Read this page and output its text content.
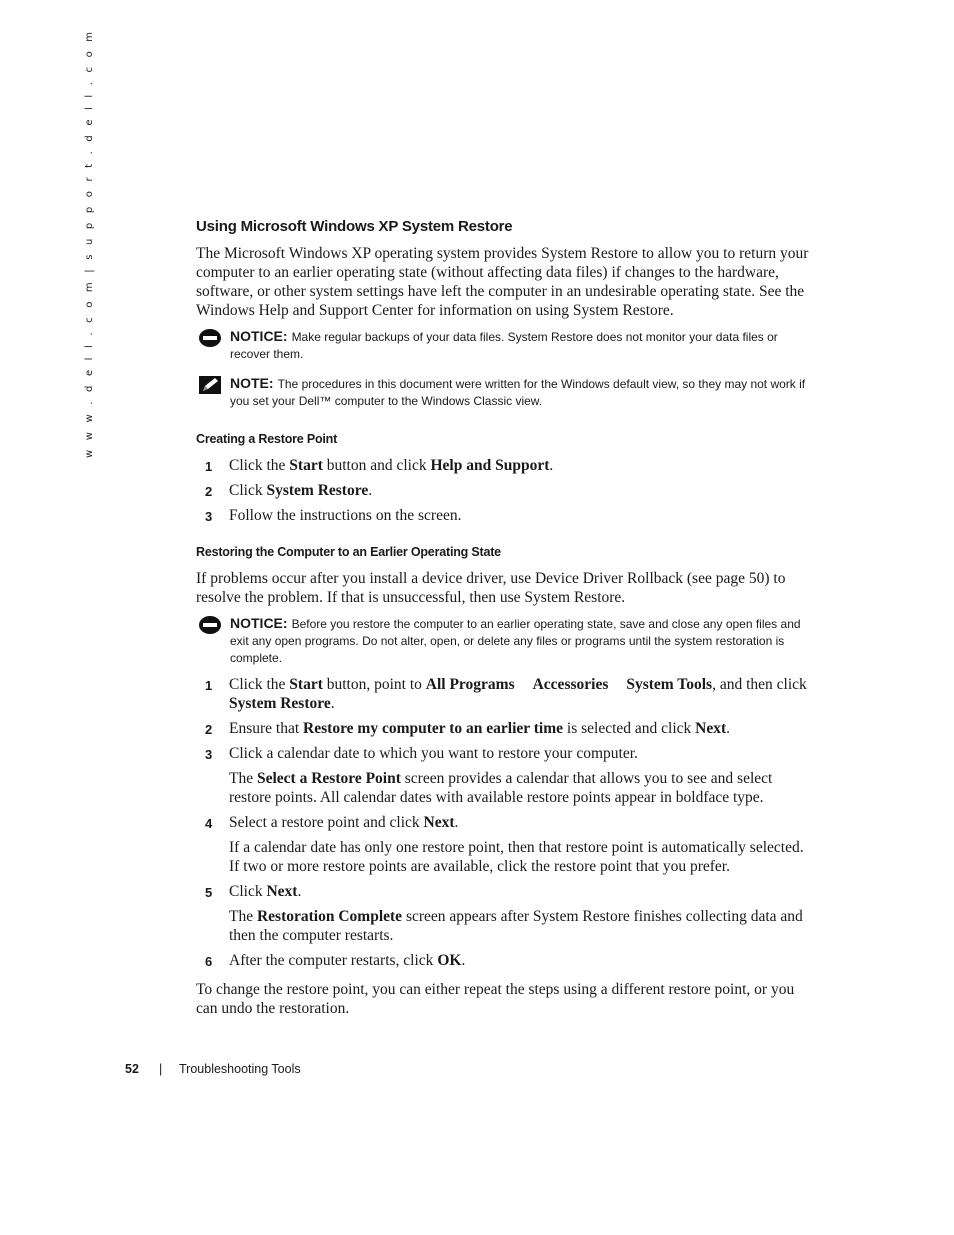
w w w . d e l l . c o m | s u p p o r t . d e l l . c o m	Using Microsoft Windows XP System Restore

The Microsoft Windows XP operating system provides System Restore to allow you to return your computer to an earlier operating state (without affecting data files) if changes to the hardware, software, or other system settings have left the computer in an undesirable operating state. See the Windows Help and Support Center for information on using System Restore.

NOTICE: Make regular backups of your data files. System Restore does not monitor your data files or recover them.
NOTE: The procedures in this document were written for the Windows default view, so they may not work if you set your Dell™ computer to the Windows Classic view.
Creating a Restore Point
1 Click the Start button and click Help and Support.
2 Click System Restore.
3 Follow the instructions on the screen.
Restoring the Computer to an Earlier Operating State

If problems occur after you install a device driver, use Device Driver Rollback (see page 50) to resolve the problem. If that is unsuccessful, then use System Restore.

NOTICE: Before you restore the computer to an earlier operating state, save and close any open files and exit any open programs. Do not alter, open, or delete any files or programs until the system restoration is complete.
1 Click the Start button, point to All Programs Accessories System Tools, and then click System Restore.
2 Ensure that Restore my computer to an earlier time is selected and click Next.
3 Click a calendar date to which you want to restore your computer.
The Select a Restore Point screen provides a calendar that allows you to see and select restore points. All calendar dates with available restore points appear in boldface type.
4 Select a restore point and click Next.
If a calendar date has only one restore point, then that restore point is automatically selected. If two or more restore points are available, click the restore point that you prefer.
5 Click Next.
The Restoration Complete screen appears after System Restore finishes collecting data and then the computer restarts.
6 After the computer restarts, click OK.

To change the restore point, you can either repeat the steps using a different restore point, or you can undo the restoration.

52 | Troubleshooting Tools
